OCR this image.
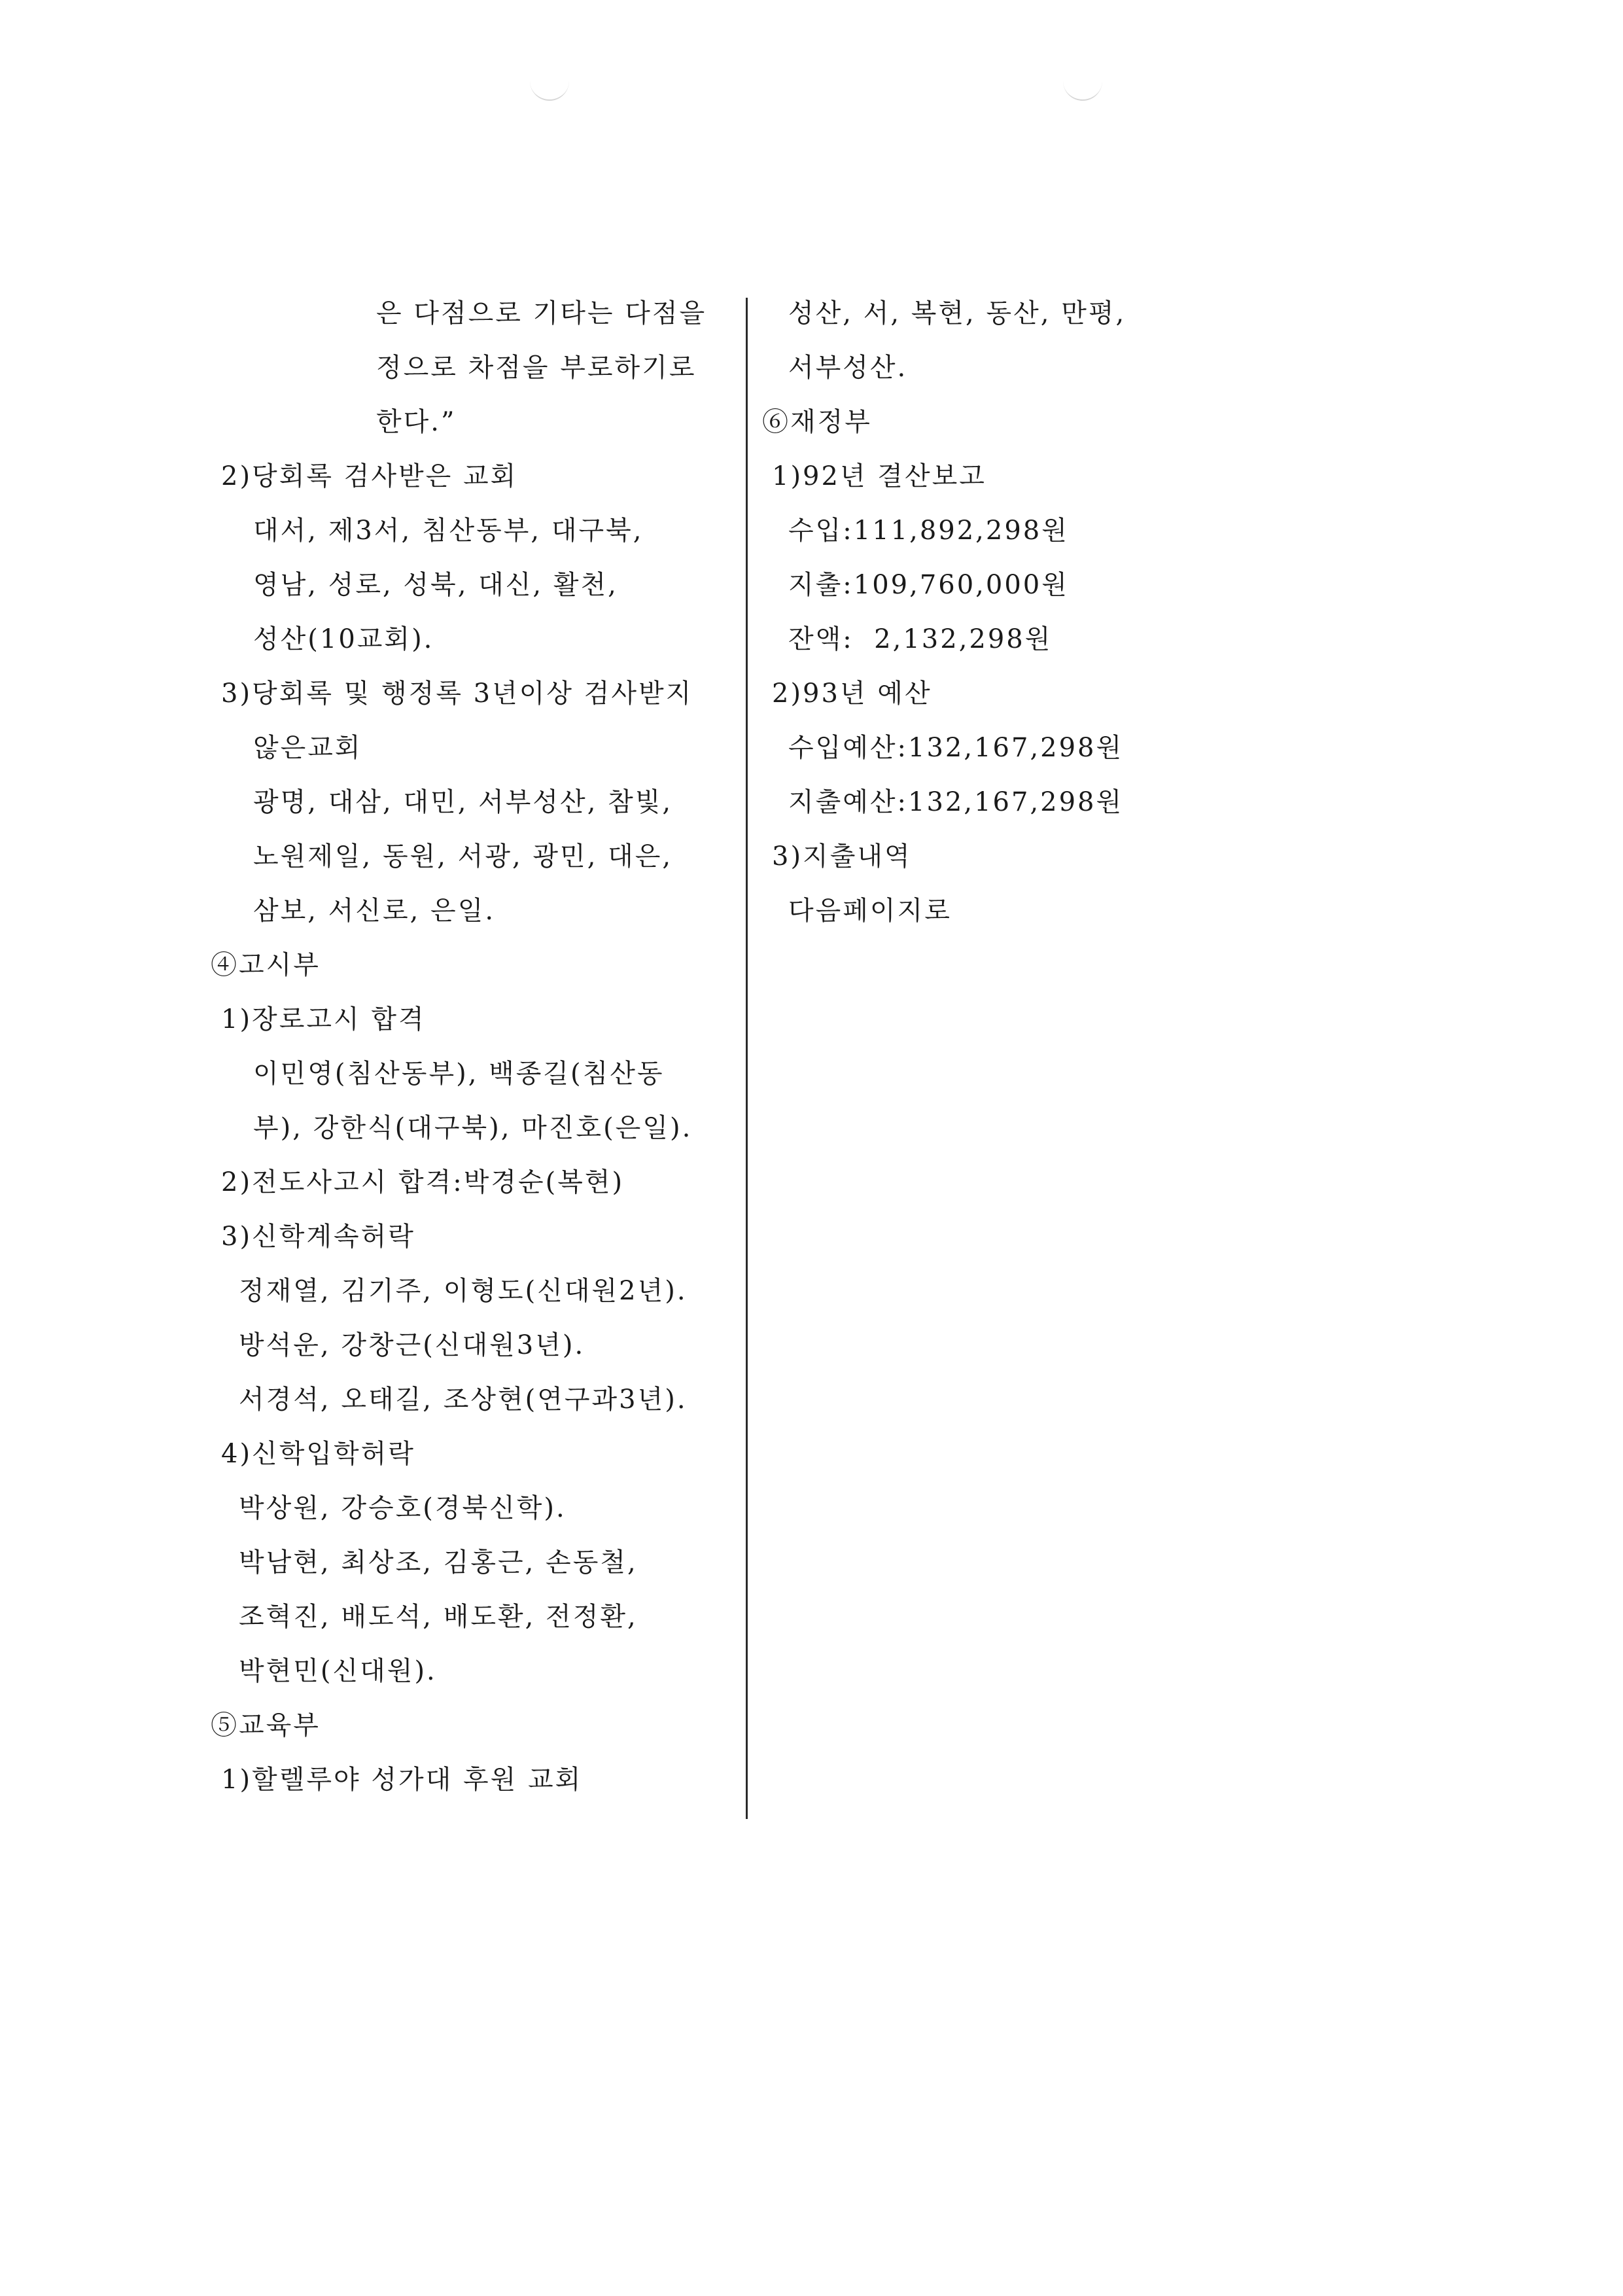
은 다점으로 기타는 다점을
정으로 차점을 부로하기로
한다.”
2)당회록 검사받은 교회
대서, 제3서, 침산동부, 대구북,
영남, 성로, 성북, 대신, 활천,
성산(10교회).
3)당회록 및 행정록 3년이상 검사받지
않은교회
광명, 대삼, 대민, 서부성산, 참빛,
노원제일, 동원, 서광, 광민, 대은,
삼보, 서신로, 은일.
④고시부
1)장로고시 합격
이민영(침산동부), 백종길(침산동
부), 강한식(대구북), 마진호(은일).
2)전도사고시 합격:박경순(복현)
3)신학계속허락
정재열, 김기주, 이형도(신대원2년).
방석운, 강창근(신대원3년).
서경석, 오태길, 조상현(연구과3년).
4)신학입학허락
박상원, 강승호(경북신학).
박남현, 최상조, 김홍근, 손동철,
조혁진, 배도석, 배도환, 전정환,
박현민(신대원).
⑤교육부
1)할렐루야 성가대 후원 교회
성산, 서, 복현, 동산, 만평,
서부성산.
⑥재정부
1)92년 결산보고
수입:111,892,298원
지출:109,760,000원
잔액:  2,132,298원
2)93년 예산
수입예산:132,167,298원
지출예산:132,167,298원
3)지출내역
다음페이지로
